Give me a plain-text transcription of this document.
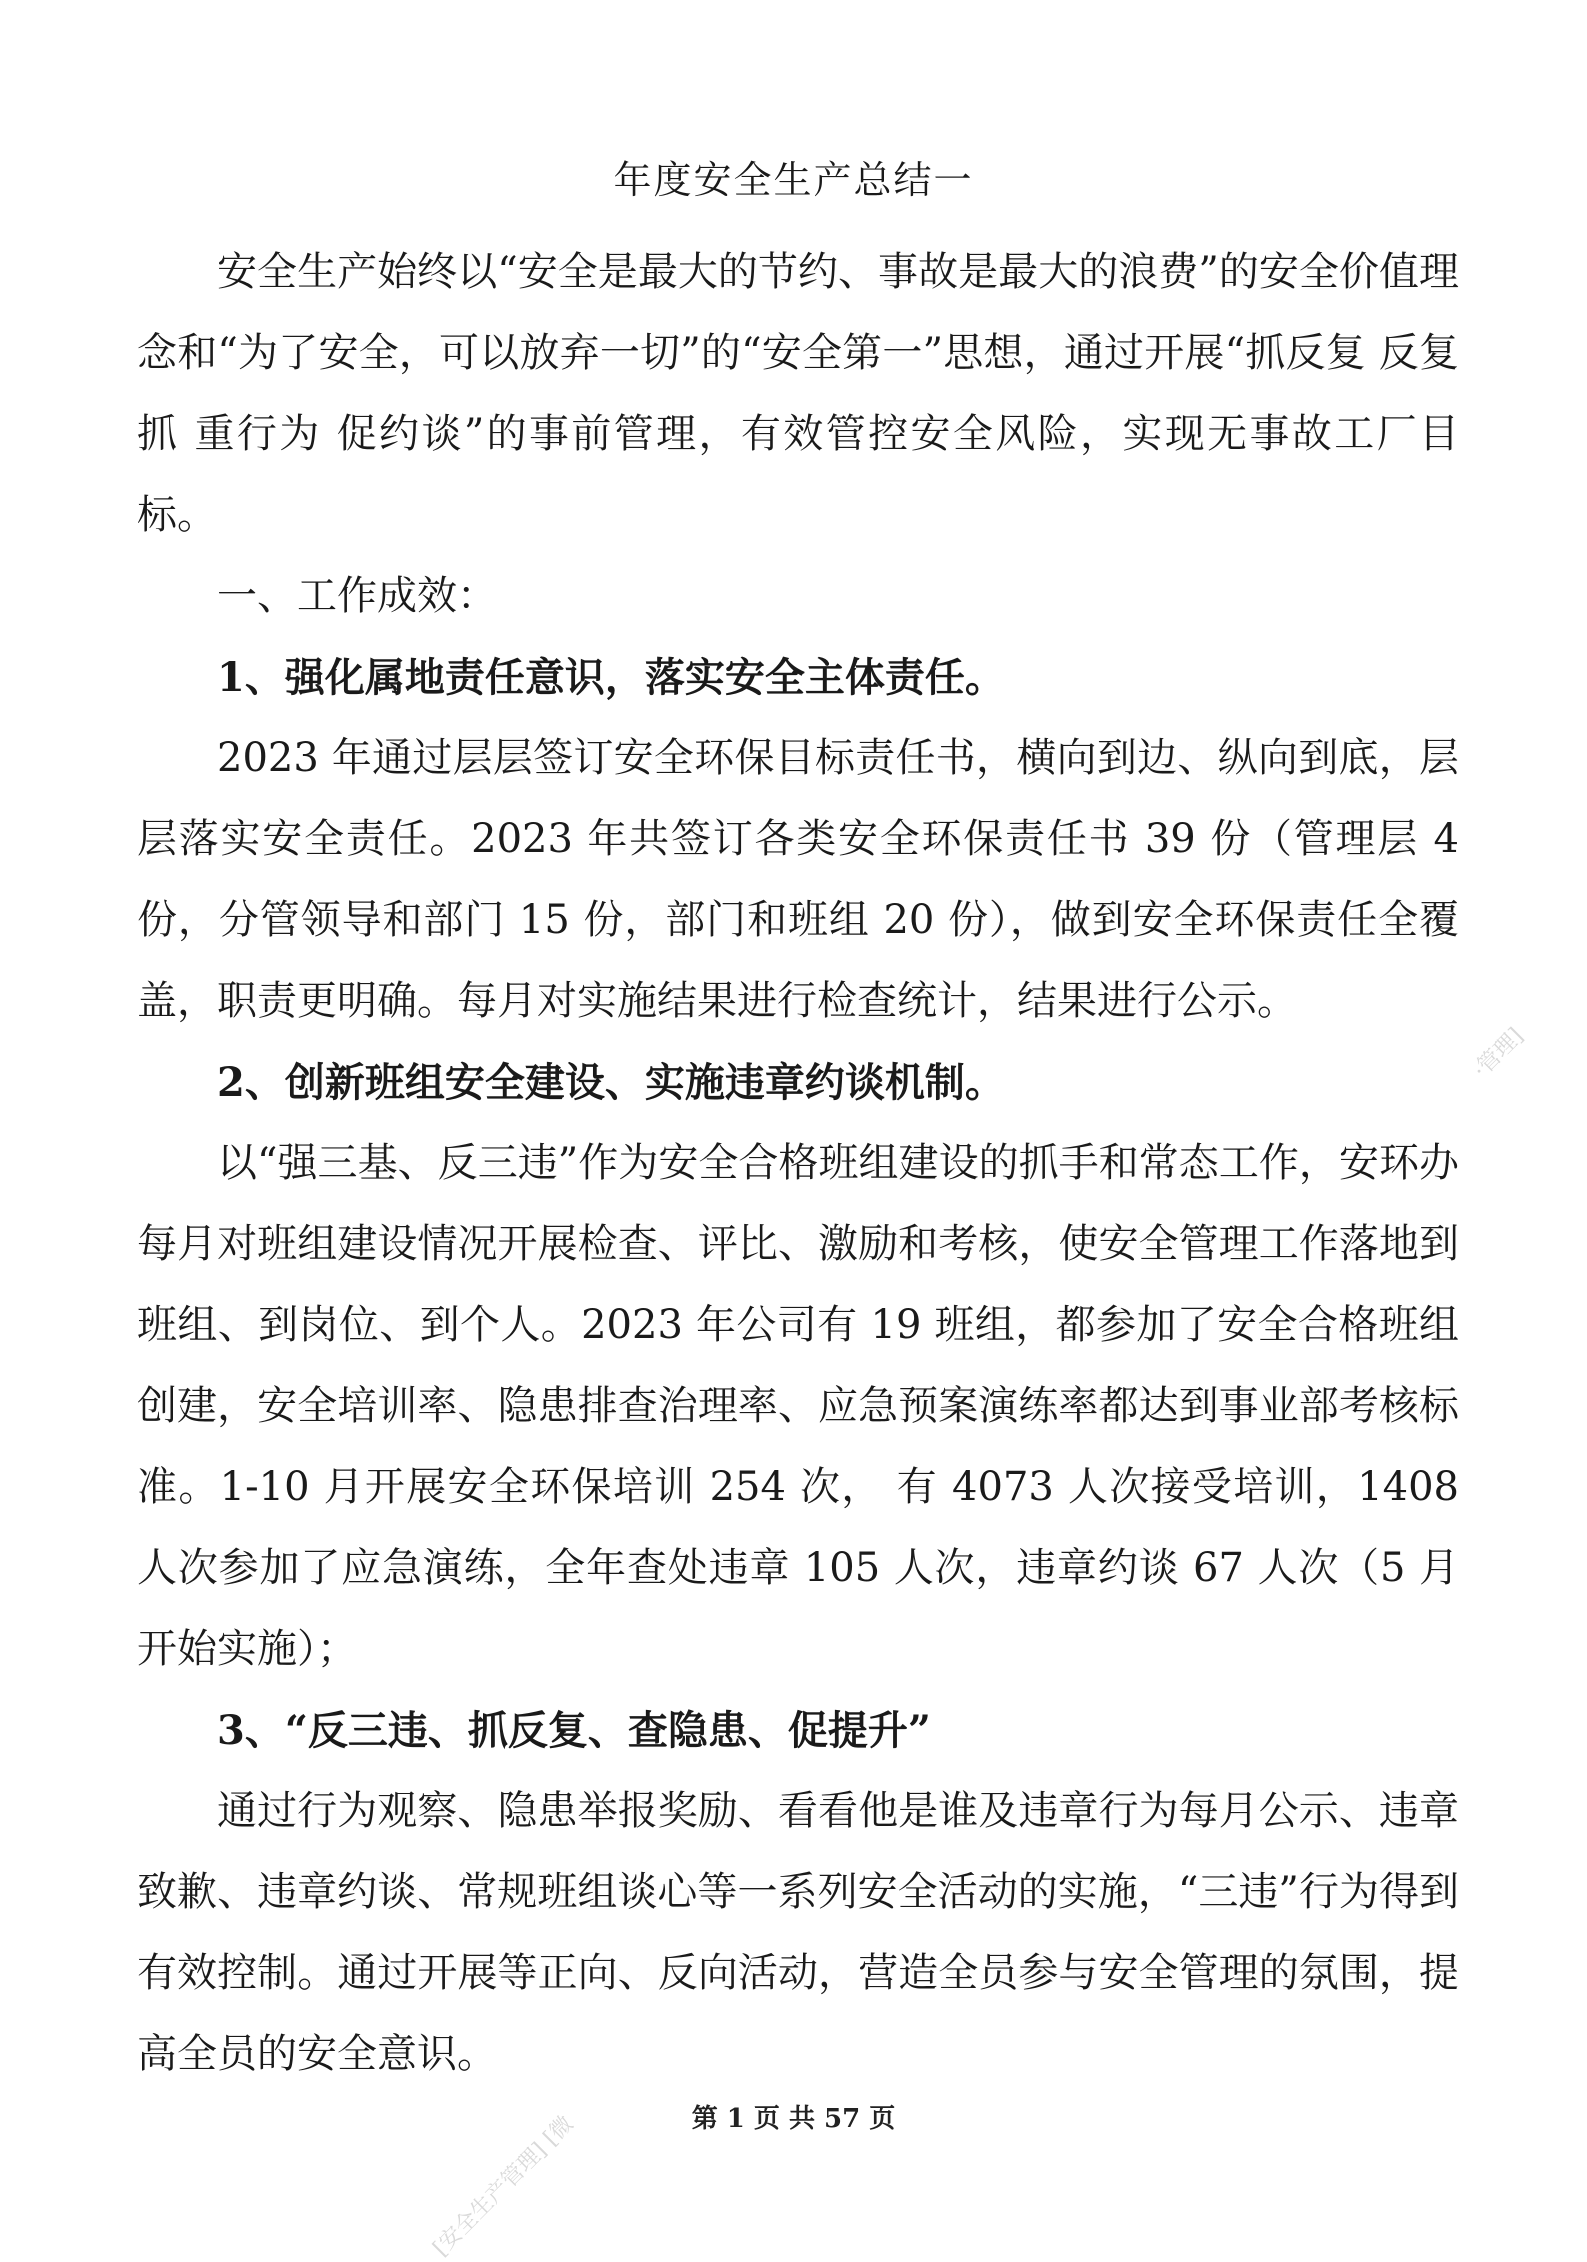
年度安全生产总结一

安全生产始终以“安全是最大的节约、事故是最大的浪费”的安全价值理念和“为了安全，可以放弃一切”的“安全第一”思想，通过开展“抓反复 反复抓 重行为 促约谈”的事前管理，有效管控安全风险，实现无事故工厂目标。

一、工作成效：

1、强化属地责任意识，落实安全主体责任。

2023 年通过层层签订安全环保目标责任书，横向到边、纵向到底，层层落实安全责任。2023 年共签订各类安全环保责任书 39 份（管理层 4 份，分管领导和部门 15 份，部门和班组 20 份），做到安全环保责任全覆盖，职责更明确。每月对实施结果进行检查统计，结果进行公示。

2、创新班组安全建设、实施违章约谈机制。

以“强三基、反三违”作为安全合格班组建设的抓手和常态工作，安环办每月对班组建设情况开展检查、评比、激励和考核，使安全管理工作落地到班组、到岗位、到个人。2023 年公司有 19 班组，都参加了安全合格班组创建，安全培训率、隐患排查治理率、应急预案演练率都达到事业部考核标准。1-10 月开展安全环保培训 254 次， 有 4073 人次接受培训，1408 人次参加了应急演练，全年查处违章 105 人次，违章约谈 67 人次（5 月开始实施）；

3、“反三违、抓反复、查隐患、促提升”

通过行为观察、隐患举报奖励、看看他是谁及违章行为每月公示、违章致歉、违章约谈、常规班组谈心等一系列安全活动的实施，“三违”行为得到有效控制。通过开展等正向、反向活动，营造全员参与安全管理的氛围，提高全员的安全意识。

第 1 页 共 57 页
·管理]
[安全生产管理] [微
